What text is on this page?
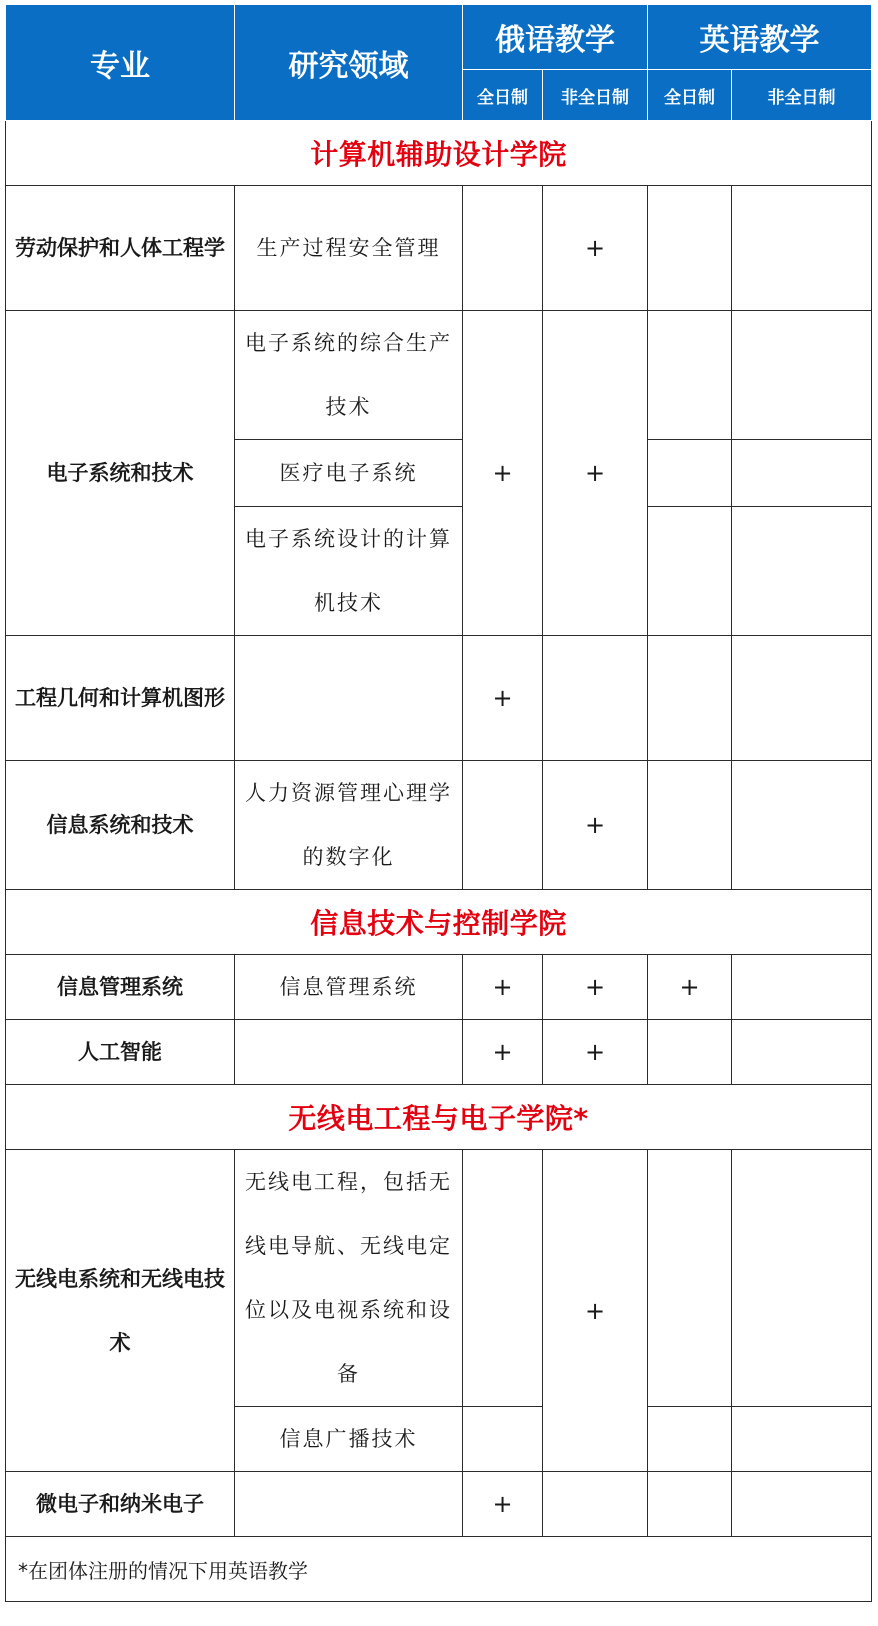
专业	研究领域	俄语教学		英语教学	
		全日制	非全日制	全日制	非全日制
计算机辅助设计学院					
劳动保护和人体工程学	生产过程安全管理		+		
电子系统和技术	电子系统的综合生产技术	+	+		
	医疗电子系统				
	电子系统设计的计算机技术				
工程几何和计算机图形		+			
信息系统和技术	人力资源管理心理学的数字化		+		
信息技术与控制学院					
信息管理系统	信息管理系统	+	+	+	
人工智能		+	+		
无线电工程与电子学院*					
无线电系统和无线电技术	无线电工程，包括无线电导航、无线电定位以及电视系统和设备		+		
	信息广播技术				
微电子和纳米电子		+			
*在团体注册的情况下用英语教学					
